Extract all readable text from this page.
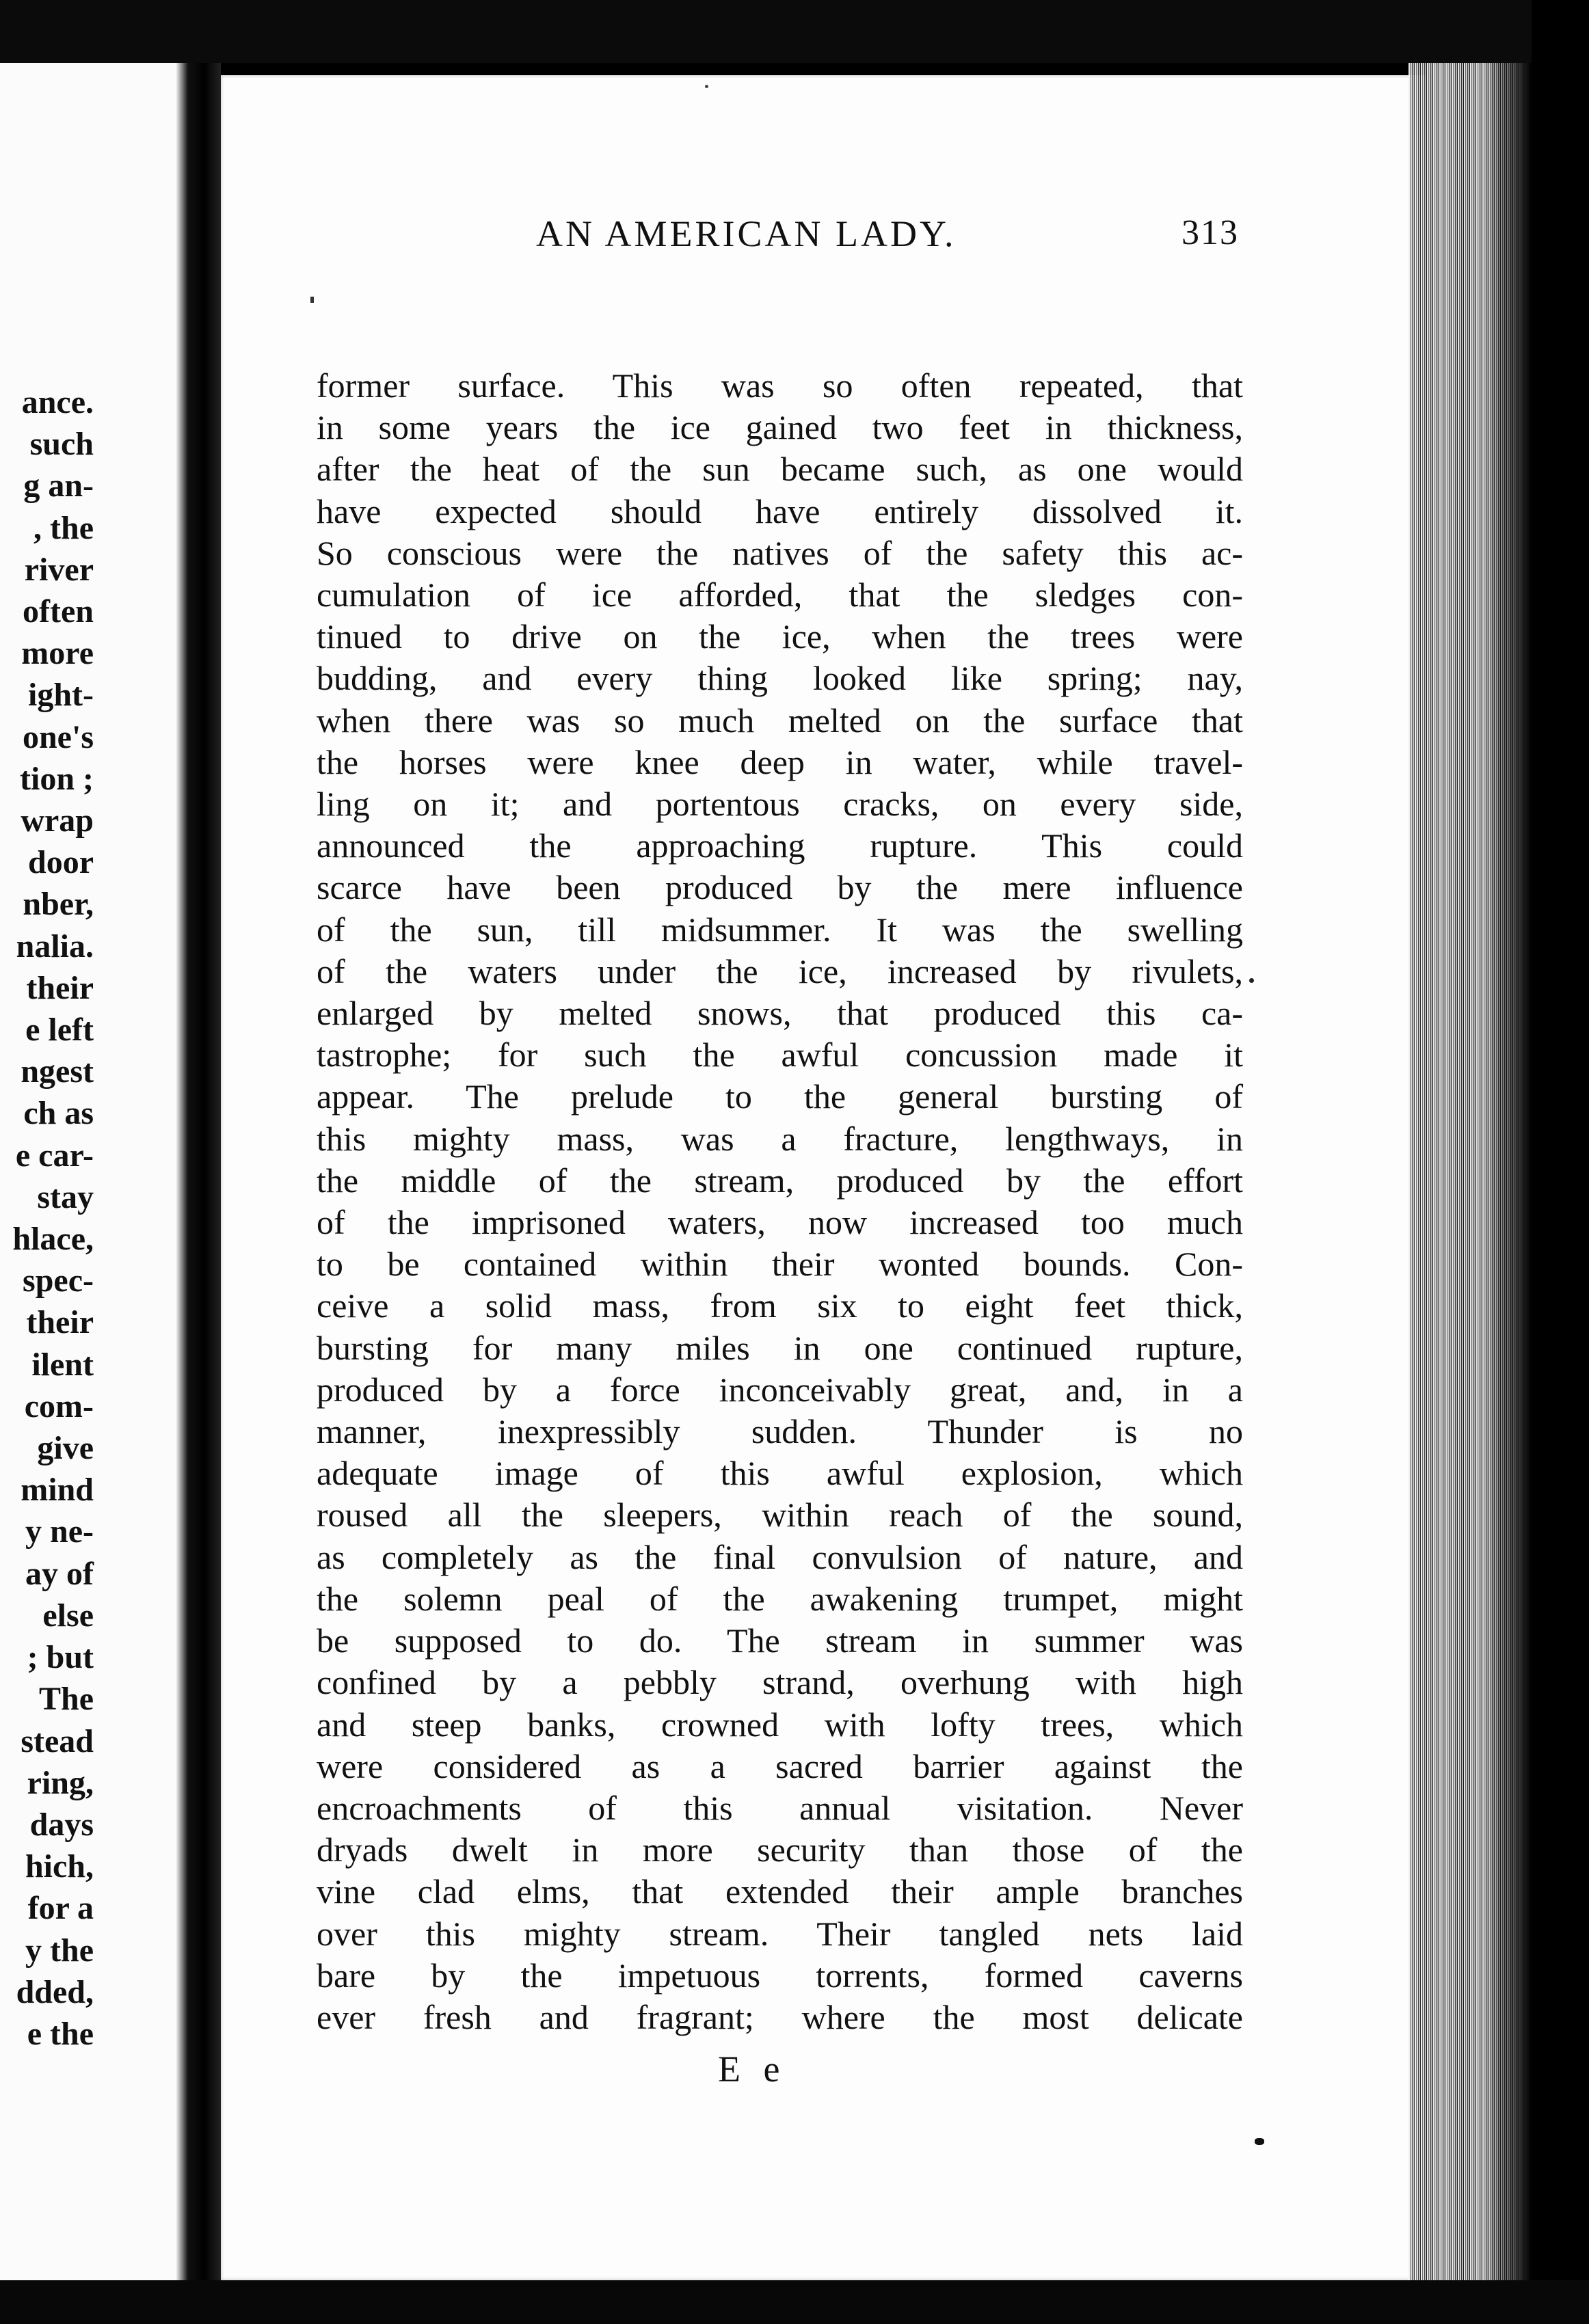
ance.
such
g an-
, the
river
often
more
ight-
one's
tion ;
wrap
door
nber,
nalia.
their
e left
ngest
ch as
e car-
stay
hlace,
spec-
their
ilent
com-
give
mind
y ne-
ay of
else
; but
The
stead
ring,
days
hich,
for a
y the
dded,
e the
AN AMERICAN LADY.	313
former surface. This was so often repeated, that
in some years the ice gained two feet in thickness,
after the heat of the sun became such, as one would
have expected should have entirely dissolved it.
So conscious were the natives of the safety this ac-
cumulation of ice afforded, that the sledges con-
tinued to drive on the ice, when the trees were
budding, and every thing looked like spring; nay,
when there was so much melted on the surface that
the horses were knee deep in water, while travel-
ling on it; and portentous cracks, on every side,
announced the approaching rupture. This could
scarce have been produced by the mere influence
of the sun, till midsummer. It was the swelling
of the waters under the ice, increased by rivulets,
enlarged by melted snows, that produced this ca-
tastrophe; for such the awful concussion made it
appear. The prelude to the general bursting of
this mighty mass, was a fracture, lengthways, in
the middle of the stream, produced by the effort
of the imprisoned waters, now increased too much
to be contained within their wonted bounds. Con-
ceive a solid mass, from six to eight feet thick,
bursting for many miles in one continued rupture,
produced by a force inconceivably great, and, in a
manner, inexpressibly sudden. Thunder is no
adequate image of this awful explosion, which
roused all the sleepers, within reach of the sound,
as completely as the final convulsion of nature, and
the solemn peal of the awakening trumpet, might
be supposed to do. The stream in summer was
confined by a pebbly strand, overhung with high
and steep banks, crowned with lofty trees, which
were considered as a sacred barrier against the
encroachments of this annual visitation. Never
dryads dwelt in more security than those of the
vine clad elms, that extended their ample branches
over this mighty stream. Their tangled nets laid
bare by the impetuous torrents, formed caverns
ever fresh and fragrant; where the most delicate
E e
